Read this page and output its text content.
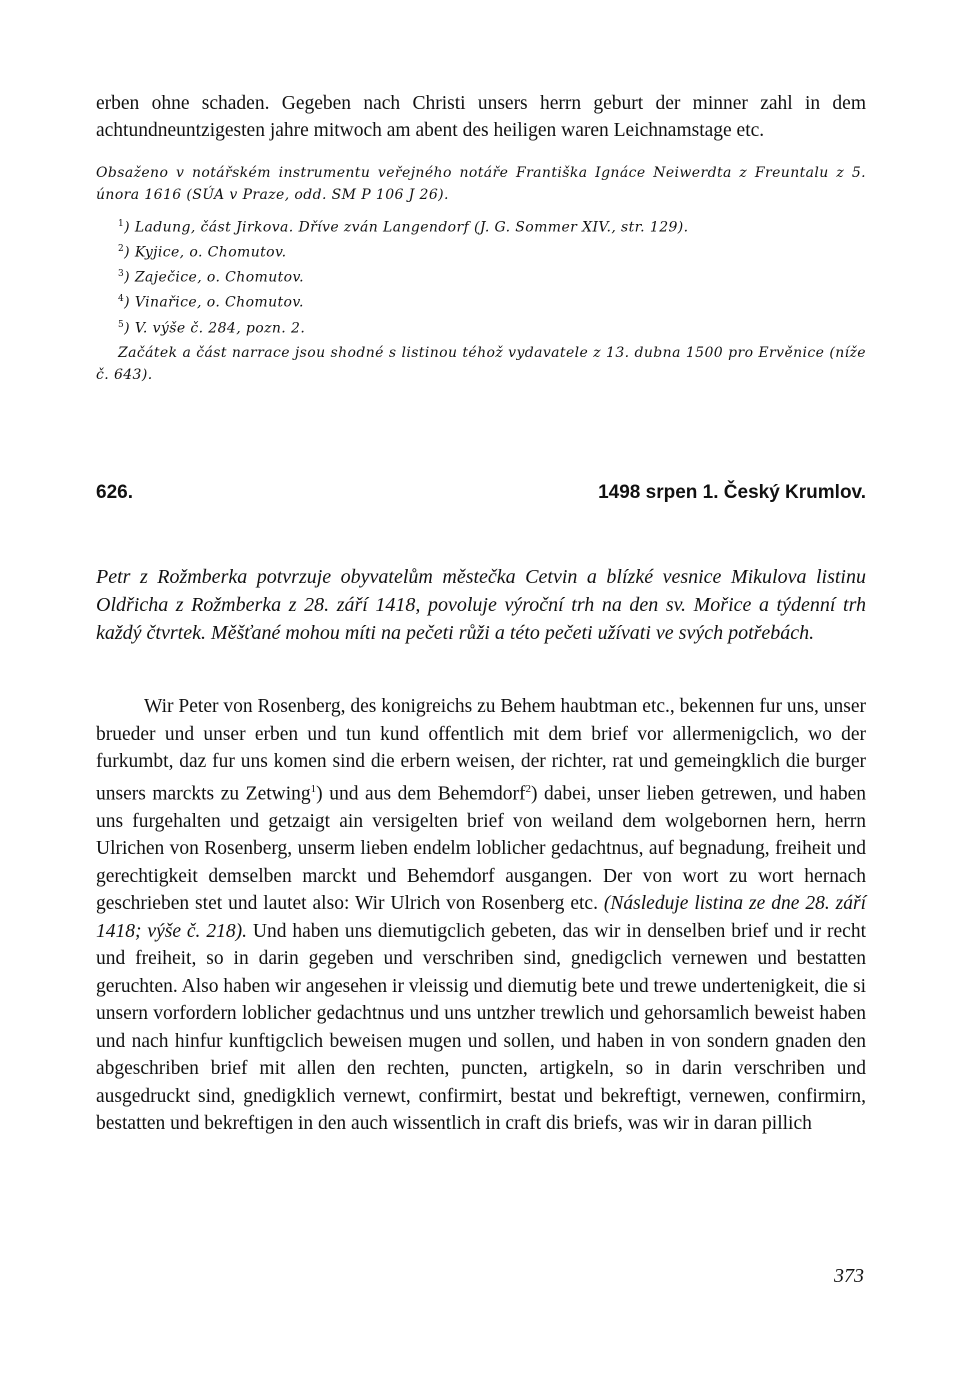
erben ohne schaden. Gegeben nach Christi unsers herrn geburt der minner zahl in dem achtundneuntzigesten jahre mitwoch am abent des heiligen waren Leichnamstage etc.

Obsaženo v notářském instrumentu veřejného notáře Františka Ignáce Neiwerdta z Freuntalu z 5. února 1616 (SÚA v Praze, odd. SM P 106 J 26).

$^1$) Ladung, část Jirkova. Dříve zván Langendorf (J. G. Sommer XIV., str. 129).
$^2$) Kyjice, o. Chomutov.
$^3$) Zaječice, o. Chomutov.
$^4$) Vinařice, o. Chomutov.
$^5$) V. výše č. 284, pozn. 2.

Začátek a část narrace jsou shodné s listinou téhož vydavatele z 13. dubna 1500 pro Ervěnice (níže č. 643).

626.	1498 srpen 1. Český Krumlov.

Petr z Rožmberka potvrzuje obyvatelům městečka Cetvin a blízké vesnice Mikulova listinu Oldřicha z Rožmberka z 28. září 1418, povoluje výroční trh na den sv. Mořice a týdenní trh každý čtvrtek. Měšťané mohou míti na pečeti růži a této pečeti užívati ve svých potřebách.

Wir Peter von Rosenberg, des konigreichs zu Behem haubtman etc., bekennen fur uns, unser brueder und unser erben und tun kund offentlich mit dem brief vor allermenigclich, wo der furkumbt, daz fur uns komen sind die erbern weisen, der richter, rat und gemeingklich die burger unsers marckts zu Zetwing$^1$) und aus dem Behemdorf$^2$) dabei, unser lieben getrewen, und haben uns furgehalten und getzaigt ain versigelten brief von weiland dem wolgebornen hern, herrn Ulrichen von Rosenberg, unserm lieben endelm loblicher gedachtnus, auf begnadung, freiheit und gerechtigkeit demselben marckt und Behemdorf ausgangen. Der von wort zu wort hernach geschrieben stet und lautet also: Wir Ulrich von Rosenberg etc. (Následuje listina ze dne 28. září 1418; výše č. 218). Und haben uns diemutigclich gebeten, das wir in denselben brief und ir recht und freiheit, so in darin gegeben und verschriben sind, gnedigclich vernewen und bestatten geruchten. Also haben wir angesehen ir vleissig und diemutig bete und trewe undertenigkeit, die si unsern vorfordern loblicher gedachtnus und uns untzher trewlich und gehorsamlich beweist haben und nach hinfur kunftigclich beweisen mugen und sollen, und haben in von sondern gnaden den abgeschriben brief mit allen den rechten, puncten, artigkeln, so in darin verschriben und ausgedruckt sind, gnedigklich vernewt, confirmirt, bestat und bekreftigt, vernewen, confirmirn, bestatten und bekreftigen in den auch wissentlich in craft dis briefs, was wir in daran pillich

373
